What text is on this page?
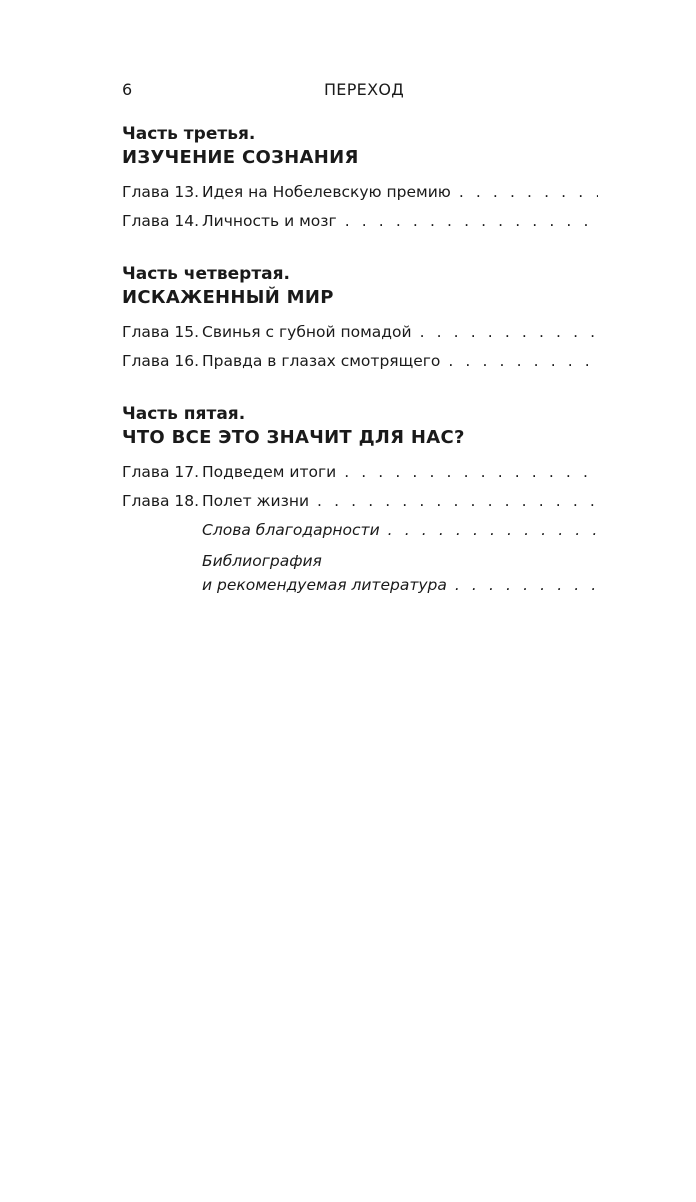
6	ПЕРЕХОД
Часть третья.
ИЗУЧЕНИЕ СОЗНАНИЯ
Глава 13. Идея на Нобелевскую премию
. . .
Глава 14. Личность и мозг
. . .
Часть четвертая.
ИСКАЖЕННЫЙ МИР
Глава 15. Свинья с губной помадой
. . .
Глава 16. Правда в глазах смотрящего
. . .
Часть пятая.
ЧТО ВСЕ ЭТО ЗНАЧИТ ДЛЯ НАС?
Глава 17. Подведем итоги
. . .
Глава 18. Полет жизни
. . .
Слова благодарности
. . .
Библиография
и рекомендуемая литература
. . .
